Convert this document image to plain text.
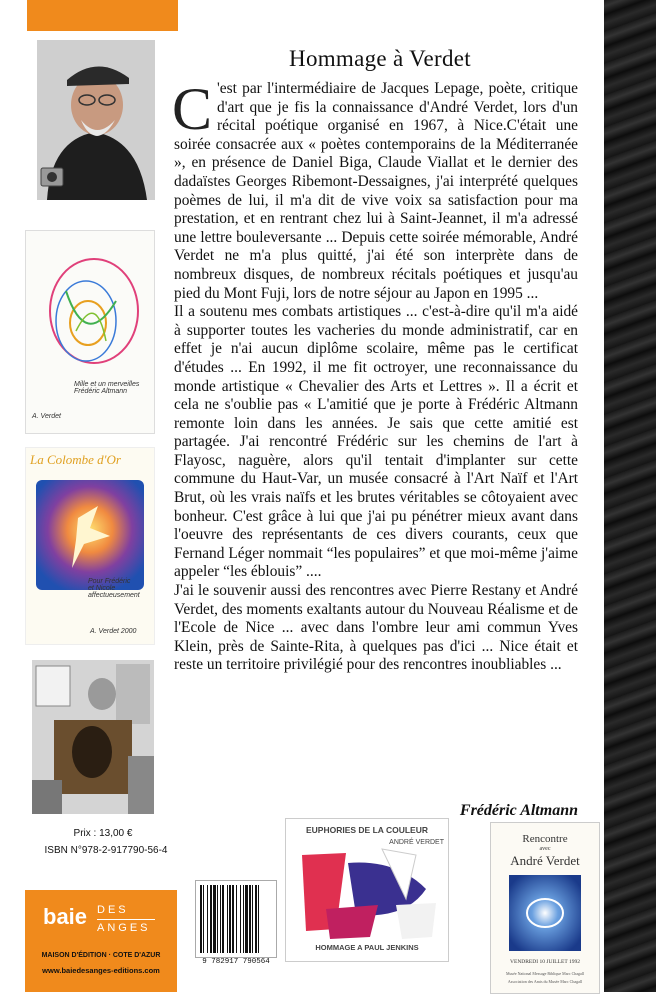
Hommage à Verdet

C 'est par l'intermédiaire de Jacques Lepage, poète, critique d'art que je fis la connaissance d'André Verdet, lors d'un récital poétique organisé en 1967, à Nice.C'était une soirée consacrée aux « poètes contemporains de la Méditerranée », en présence de Daniel Biga, Claude Viallat et le dernier des dadaïstes Georges Ribemont-Dessaignes, j'ai interprété quelques poèmes de lui, il m'a dit de vive voix sa satisfaction pour ma prestation, et en rentrant chez lui à Saint-Jeannet, il m'a adressé une lettre bouleversante ... Depuis cette soirée mémorable, André Verdet ne m'a plus quitté, j'ai été son interprète dans de nombreux disques, de nombreux récitals poétiques et jusqu'au pied du Mont Fuji, lors de notre séjour au Japon en 1995 ...

Il a soutenu mes combats artistiques ... c'est-à-dire qu'il m'a aidé à supporter toutes les vacheries du monde administratif, car en effet je n'ai aucun diplôme scolaire, même pas le certificat d'études ... En 1992, il me fit octroyer, une reconnaissance du monde artistique « Chevalier des Arts et Lettres ». Il a écrit et cela ne s'oublie pas « L'amitié que je porte à Frédéric Altmann remonte loin dans les années. Je sais que cette amitié est partagée. J'ai rencontré Frédéric sur les chemins de l'art à Flayosc, naguère, alors qu'il tentait d'implanter sur cette commune du Haut-Var, un musée consacré à l'Art Naïf et l'Art Brut, où les vrais naïfs et les brutes véritables se côtoyaient avec bonheur. C'est grâce à lui que j'ai pu pénétrer mieux avant dans l'oeuvre des représentants de ces divers courants, ceux que Fernand Léger nommait “les populaires” et que moi-même j'aime appeler “les éblouis” ....

J'ai le souvenir aussi des rencontres avec Pierre Restany et André Verdet, des moments exaltants autour du Nouveau Réalisme et de l'Ecole de Nice ... avec dans l'ombre leur ami commun Yves Klein, près de Sainte-Rita, à quelques pas d'ici ... Nice était et reste un territoire privilégié pour des rencontres inoubliables ...

Frédéric Altmann
Mille et un merveilles
Frédéric Altmann
A. Verdet
La Colombe d'Or
Pour Frédéric
et Nicole
affectueusement
A. Verdet 2000
Prix : 13,00 €
ISBN N°978-2-917790-56-4
baie DES
ANGES
MAISON D'ÉDITION · COTE D'AZUR
www.baiedesanges-editions.com
9 782917 790564
EUPHORIES DE LA COULEUR
ANDRÉ VERDET
HOMMAGE A PAUL JENKINS
Rencontre
avec
André Verdet
VENDREDI 10 JUILLET 1992
Musée National Message Biblique Marc Chagall
Association des Amis du Musée Marc Chagall
